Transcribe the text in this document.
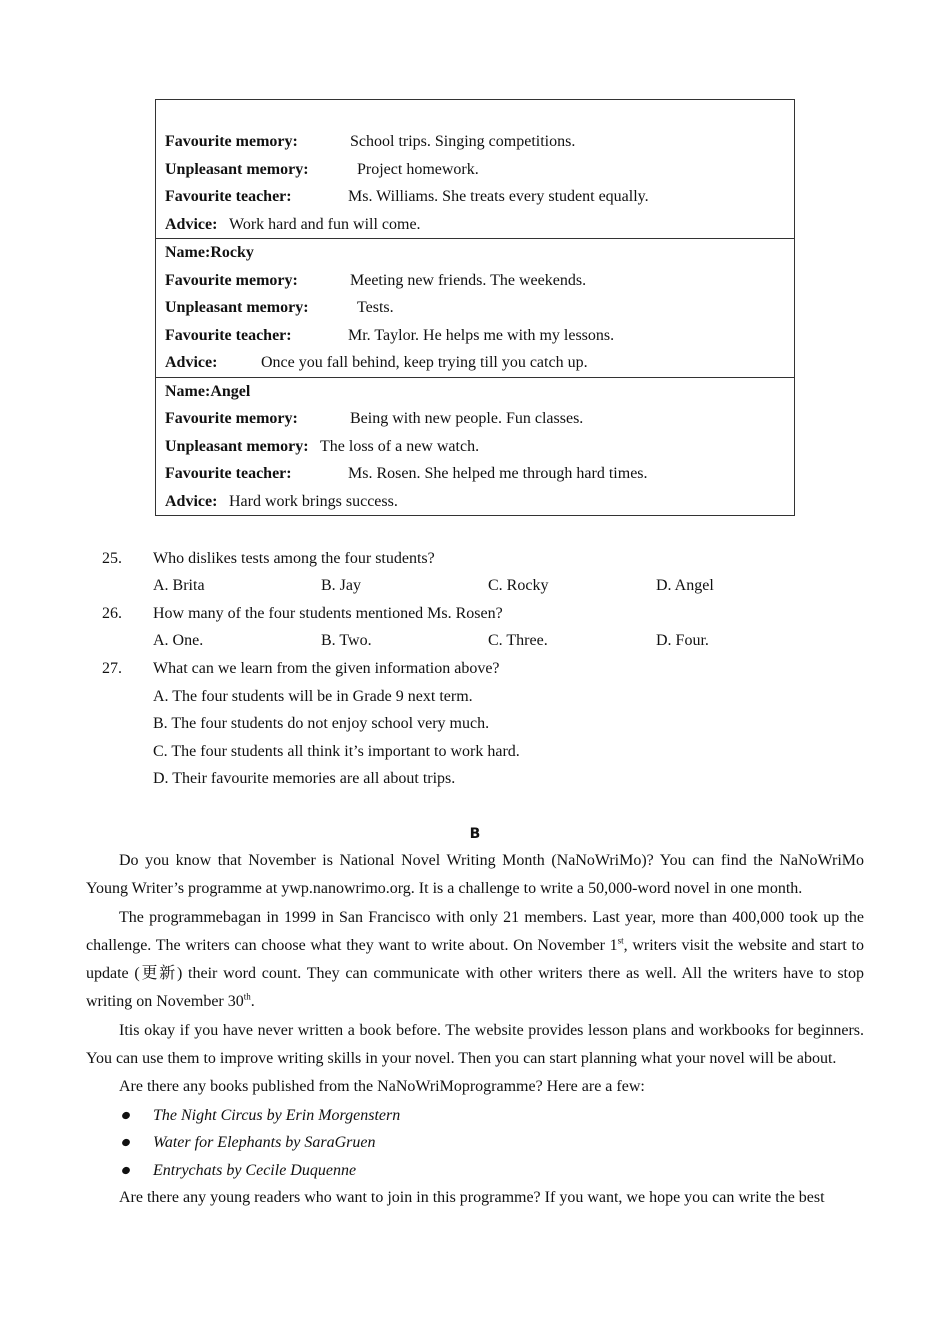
Favourite memory:	School trips. Singing competitions.
Unpleasant memory:	Project homework.
Favourite teacher:	Ms. Williams. She treats every student equally.
Advice: Work hard and fun will come.
Name:Rocky
Favourite memory:	Meeting new friends. The weekends.
Unpleasant memory:	Tests.
Favourite teacher:	Mr. Taylor. He helps me with my lessons.
Advice:	Once you fall behind, keep trying till you catch up.
Name:Angel
Favourite memory:	Being with new people. Fun classes.
Unpleasant memory: The loss of a new watch.
Favourite teacher:	Ms. Rosen. She helped me through hard times.
Advice: Hard work brings success.
25. Who dislikes tests among the four students?
A. Brita	B. Jay	C. Rocky	D. Angel
26. How many of the four students mentioned Ms. Rosen?
A. One.	B. Two.	C. Three.	D. Four.
27. What can we learn from the given information above?
A. The four students will be in Grade 9 next term.
B. The four students do not enjoy school very much.
C. The four students all think it’s important to work hard.
D. Their favourite memories are all about trips.
B

Do you know that November is National Novel Writing Month (NaNoWriMo)? You can find the NaNoWriMo Young Writer’s programme at ywp.nanowrimo.org. It is a challenge to write a 50,000-word novel in one month.

The programmebagan in 1999 in San Francisco with only 21 members. Last year, more than 400,000 took up the challenge. The writers can choose what they want to write about. On November 1st, writers visit the website and start to update (更新) their word count. They can communicate with other writers there as well. All the writers have to stop writing on November 30th.

Itis okay if you have never written a book before. The website provides lesson plans and workbooks for beginners. You can use them to improve writing skills in your novel. Then you can start planning what your novel will be about.

Are there any books published from the NaNoWriMoprogramme? Here are a few:

The Night Circus by Erin Morgenstern
Water for Elephants by SaraGruen
Entrychats by Cecile Duquenne

Are there any young readers who want to join in this programme? If you want, we hope you can write the best
